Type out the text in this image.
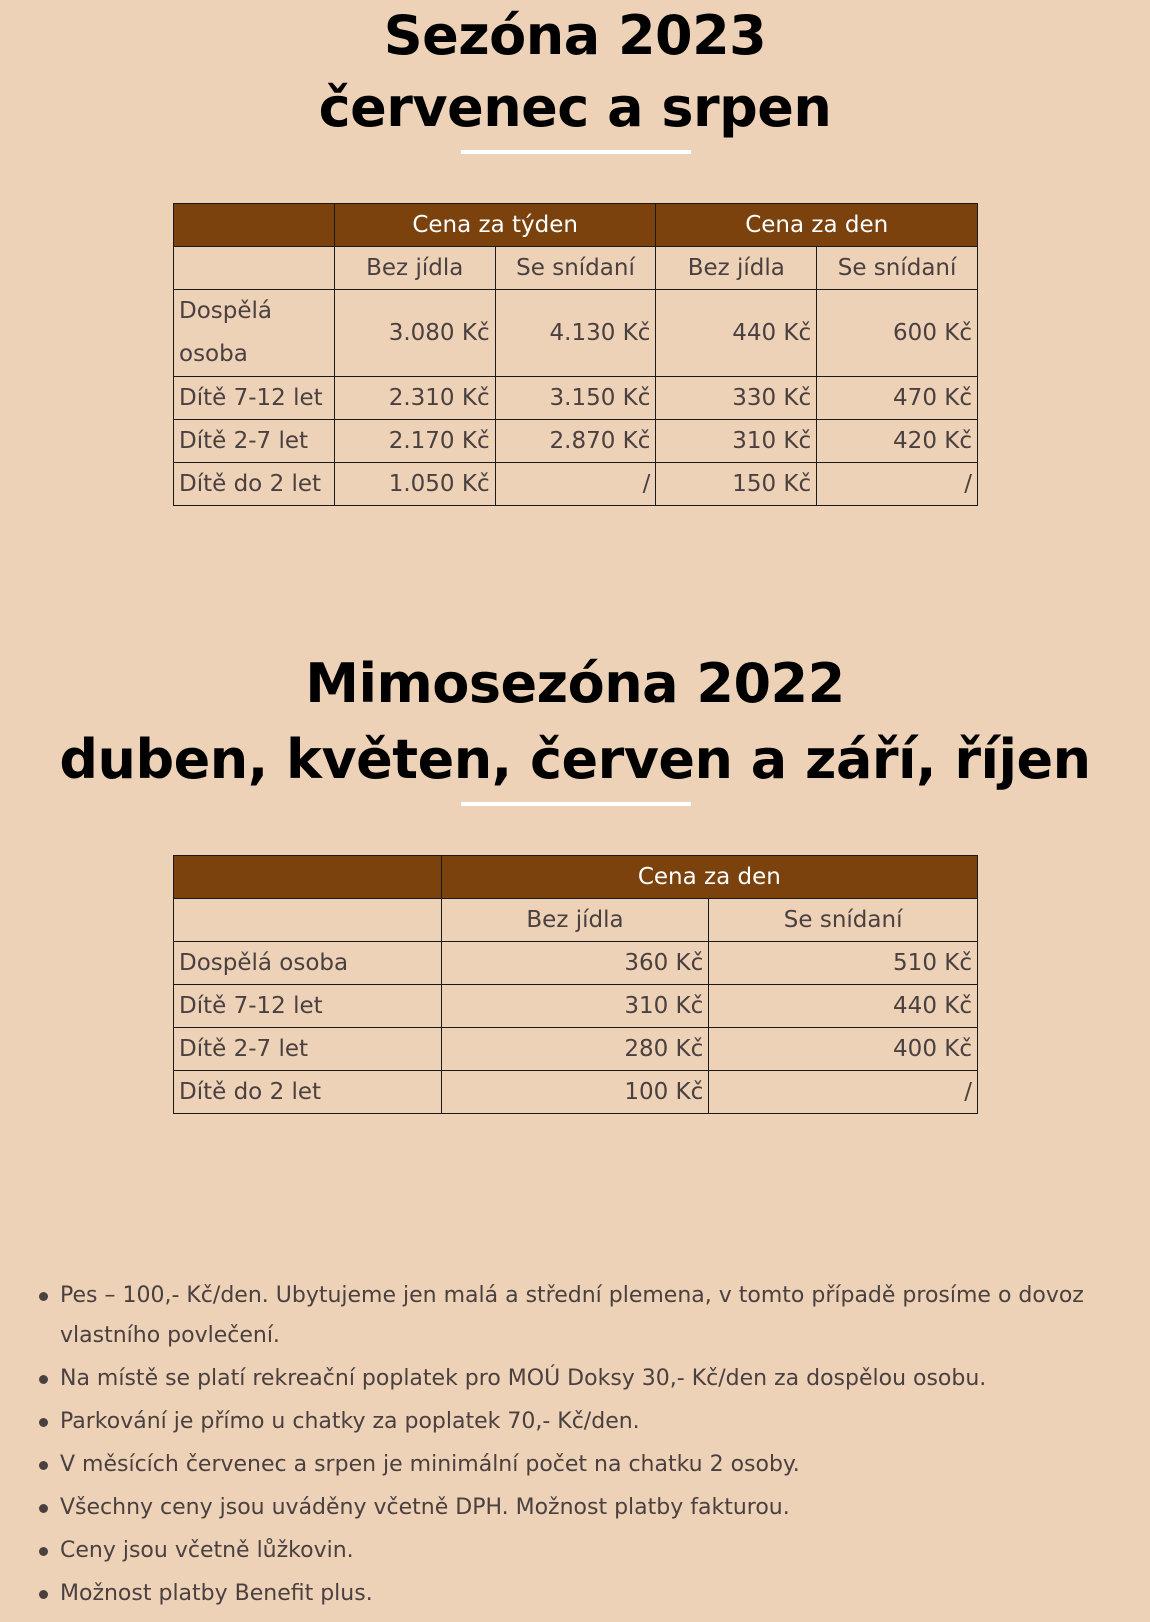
Sezóna 2023
červenec a srpen
	Cena za týden		Cena za den	
	Bez jídla	Se snídaní	Bez jídla	Se snídaní
Dospělá
osoba	3.080 Kč	4.130 Kč	440 Kč	600 Kč
Dítě 7-12 let	2.310 Kč	3.150 Kč	330 Kč	470 Kč
Dítě 2-7 let	2.170 Kč	2.870 Kč	310 Kč	420 Kč
Dítě do 2 let	1.050 Kč	/	150 Kč	/
Mimosezóna 2022
duben, květen, červen a září, říjen
	Cena za den	
	Bez jídla	Se snídaní
Dospělá osoba	360 Kč	510 Kč
Dítě 7-12 let	310 Kč	440 Kč
Dítě 2-7 let	280 Kč	400 Kč
Dítě do 2 let	100 Kč	/
Pes – 100,- Kč/den. Ubytujeme jen malá a střední plemena, v tomto případě prosíme o dovoz vlastního povlečení.
Na místě se platí rekreační poplatek pro MOÚ Doksy 30,- Kč/den za dospělou osobu.
Parkování je přímo u chatky za poplatek 70,- Kč/den.
V měsících červenec a srpen je minimální počet na chatku 2 osoby.
Všechny ceny jsou uváděny včetně DPH. Možnost platby fakturou.
Ceny jsou včetně lůžkovin.
Možnost platby Benefit plus.
